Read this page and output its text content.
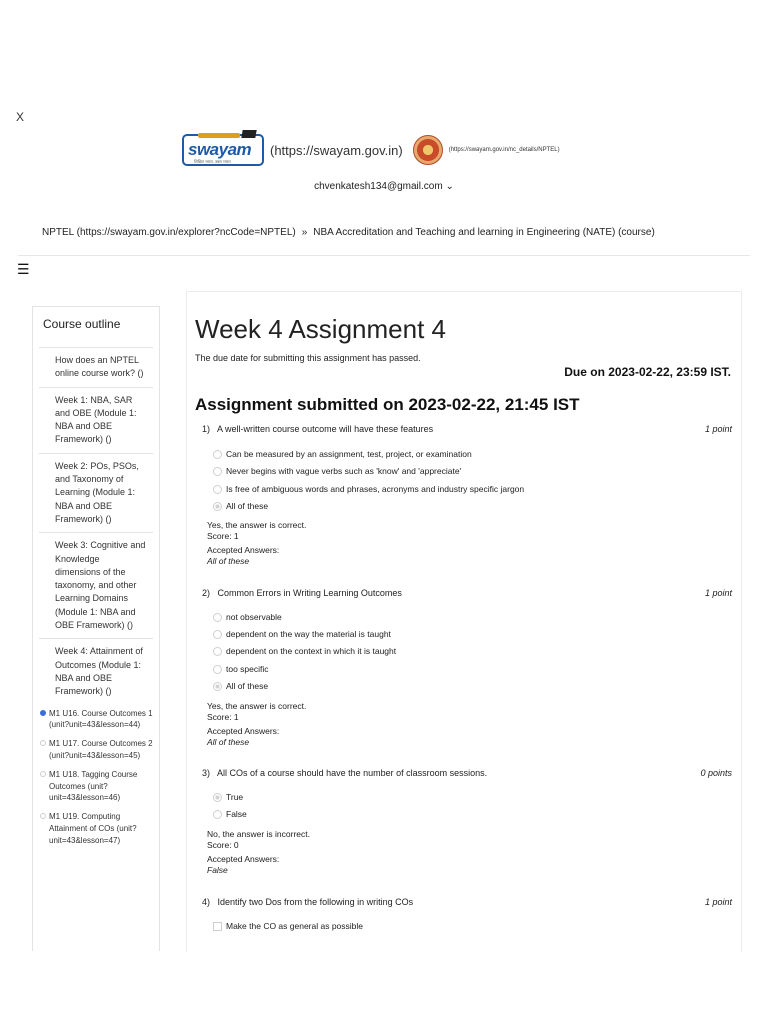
X
swayam
शिक्षित भारत, उन्नत भारत
(https://swayam.gov.in)	(https://swayam.gov.in/nc_details/NPTEL)
chvenkatesh134@gmail.com ⌄
NPTEL (https://swayam.gov.in/explorer?ncCode=NPTEL) » NBA Accreditation and Teaching and learning in Engineering (NATE) (course)
☰
Course outline
How does an NPTEL online course work? ()
Week 1: NBA, SAR and OBE (Module 1: NBA and OBE Framework) ()
Week 2: POs, PSOs, and Taxonomy of Learning (Module 1: NBA and OBE Framework) ()
Week 3: Cognitive and Knowledge dimensions of the taxonomy, and other Learning Domains (Module 1: NBA and OBE Framework) ()
Week 4: Attainment of Outcomes (Module 1: NBA and OBE Framework) ()
M1 U16. Course Outcomes 1 (unit?unit=43&lesson=44)
M1 U17. Course Outcomes 2 (unit?unit=43&lesson=45)
M1 U18. Tagging Course Outcomes (unit?unit=43&lesson=46)
M1 U19. Computing Attainment of COs (unit?unit=43&lesson=47)
Week 4 Assignment 4
The due date for submitting this assignment has passed.
Due on 2023-02-22, 23:59 IST.
Assignment submitted on 2023-02-22, 21:45 IST
1) A well-written course outcome will have these features	1 point
Can be measured by an assignment, test, project, or examination
Never begins with vague verbs such as 'know' and 'appreciate'
Is free of ambiguous words and phrases, acronyms and industry specific jargon
All of these
Yes, the answer is correct.
Score: 1
Accepted Answers:
All of these
2) Common Errors in Writing Learning Outcomes	1 point
not observable
dependent on the way the material is taught
dependent on the context in which it is taught
too specific
All of these
Yes, the answer is correct.
Score: 1
Accepted Answers:
All of these
3) All COs of a course should have the number of classroom sessions.	0 points
True
False
No, the answer is incorrect.
Score: 0
Accepted Answers:
False
4) Identify two Dos from the following in writing COs	1 point
Make the CO as general as possible
